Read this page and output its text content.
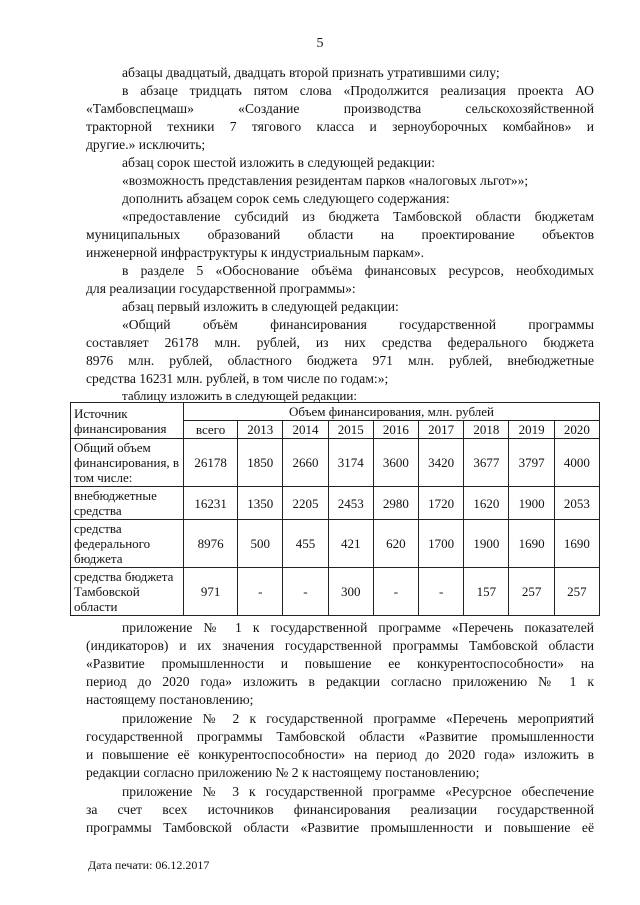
5
абзацы двадцатый, двадцать второй признать утратившими силу;
в абзаце тридцать пятом слова «Продолжится реализация проекта АО
«Тамбовспецмаш» «Создание производства сельскохозяйственной
тракторной техники 7 тягового класса и зерноуборочных комбайнов» и
другие.» исключить;
абзац сорок шестой изложить в следующей редакции:
«возможность представления резидентам парков «налоговых льгот»»;
дополнить абзацем сорок семь следующего содержания:
«предоставление субсидий из бюджета Тамбовской области бюджетам
муниципальных образований области на проектирование объектов
инженерной инфраструктуры к индустриальным паркам».
в разделе 5 «Обоснование объёма финансовых ресурсов, необходимых
для реализации государственной программы»:
абзац первый изложить в следующей редакции:
«Общий объём финансирования государственной программы
составляет 26178 млн. рублей, из них средства федерального бюджета
8976 млн. рублей, областного бюджета 971 млн. рублей, внебюджетные
средства 16231 млн. рублей, в том числе по годам:»;
таблицу изложить в следующей редакции:
Источник финансирования	Объем финансирования, млн. рублей								
	всего	2013	2014	2015	2016	2017	2018	2019	2020
Общий объем финансирования, в том числе:	26178	1850	2660	3174	3600	3420	3677	3797	4000
внебюджетные средства	16231	1350	2205	2453	2980	1720	1620	1900	2053
средства федерального бюджета	8976	500	455	421	620	1700	1900	1690	1690
средства бюджета Тамбовской области	971	-	-	300	-	-	157	257	257
приложение № 1 к государственной программе «Перечень показателей
(индикаторов) и их значения государственной программы Тамбовской области
«Развитие промышленности и повышение ее конкурентоспособности» на
период до 2020 года» изложить в редакции согласно приложению № 1 к
настоящему постановлению;
приложение № 2 к государственной программе «Перечень мероприятий
государственной программы Тамбовской области «Развитие промышленности
и повышение её конкурентоспособности» на период до 2020 года» изложить в
редакции согласно приложению № 2 к настоящему постановлению;
приложение № 3 к государственной программе «Ресурсное обеспечение
за счет всех источников финансирования реализации государственной
программы Тамбовской области «Развитие промышленности и повышение её
Дата печати: 06.12.2017
